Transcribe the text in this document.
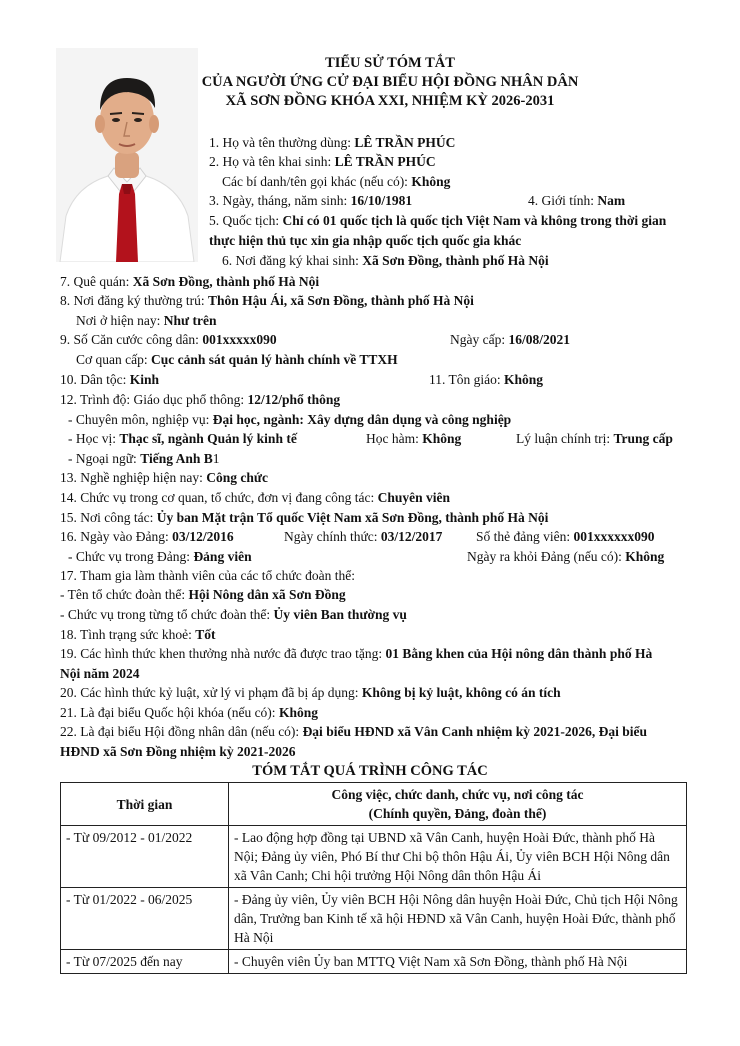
TIỂU SỬ TÓM TẮT
CỦA NGƯỜI ỨNG CỬ ĐẠI BIỂU HỘI ĐỒNG NHÂN DÂN
XÃ SƠN ĐỒNG KHÓA XXI, NHIỆM KỲ 2026-2031
1. Họ và tên thường dùng: LÊ TRẦN PHÚC
2. Họ và tên khai sinh: LÊ TRẦN PHÚC
Các bí danh/tên gọi khác (nếu có): Không
3. Ngày, tháng, năm sinh: 16/10/1981	4. Giới tính: Nam
5. Quốc tịch: Chỉ có 01 quốc tịch là quốc tịch Việt Nam và không trong thời gian
thực hiện thủ tục xin gia nhập quốc tịch quốc gia khác
6. Nơi đăng ký khai sinh: Xã Sơn Đồng, thành phố Hà Nội
7. Quê quán: Xã Sơn Đồng, thành phố Hà Nội
8. Nơi đăng ký thường trú: Thôn Hậu Ái, xã Sơn Đồng, thành phố Hà Nội
Nơi ở hiện nay: Như trên
9. Số Căn cước công dân: 001xxxxx090	Ngày cấp: 16/08/2021
Cơ quan cấp: Cục cảnh sát quản lý hành chính về TTXH
10. Dân tộc: Kinh	11. Tôn giáo: Không
12. Trình độ: Giáo dục phổ thông: 12/12/phổ thông
- Chuyên môn, nghiệp vụ: Đại học, ngành: Xây dựng dân dụng và công nghiệp
- Học vị: Thạc sĩ, ngành Quản lý kinh tế	Học hàm: Không	Lý luận chính trị: Trung cấp
- Ngoại ngữ: Tiếng Anh B1
13. Nghề nghiệp hiện nay: Công chức
14. Chức vụ trong cơ quan, tổ chức, đơn vị đang công tác: Chuyên viên
15. Nơi công tác: Ủy ban Mặt trận Tổ quốc Việt Nam xã Sơn Đồng, thành phố Hà Nội
16. Ngày vào Đảng: 03/12/2016	Ngày chính thức: 03/12/2017 Số thẻ đảng viên: 001xxxxxx090
- Chức vụ trong Đảng: Đảng viên	Ngày ra khỏi Đảng (nếu có): Không
17. Tham gia làm thành viên của các tổ chức đoàn thể:
- Tên tổ chức đoàn thể: Hội Nông dân xã Sơn Đồng
- Chức vụ trong từng tổ chức đoàn thể: Ủy viên Ban thường vụ
18. Tình trạng sức khoẻ: Tốt
19. Các hình thức khen thưởng nhà nước đã được trao tặng: 01 Bằng khen của Hội nông dân thành phố Hà
Nội năm 2024
20. Các hình thức kỷ luật, xử lý vi phạm đã bị áp dụng: Không bị kỷ luật, không có án tích
21. Là đại biểu Quốc hội khóa (nếu có): Không
22. Là đại biểu Hội đồng nhân dân (nếu có): Đại biểu HĐND xã Vân Canh nhiệm kỳ 2021-2026, Đại biểu
HĐND xã Sơn Đồng nhiệm kỳ 2021-2026
TÓM TẮT QUÁ TRÌNH CÔNG TÁC
Thời gian	Công việc, chức danh, chức vụ, nơi công tác
(Chính quyền, Đảng, đoàn thể)

- Từ 09/2012 - 01/2022	- Lao động hợp đồng tại UBND xã Vân Canh, huyện Hoài Đức, thành phố Hà Nội; Đảng ủy viên, Phó Bí thư Chi bộ thôn Hậu Ái, Ủy viên BCH Hội Nông dân xã Vân Canh; Chi hội trưởng Hội Nông dân thôn Hậu Ái
- Từ 01/2022 - 06/2025	- Đảng ủy viên, Ủy viên BCH Hội Nông dân huyện Hoài Đức, Chủ tịch Hội Nông dân, Trưởng ban Kinh tế xã hội HĐND xã Vân Canh, huyện Hoài Đức, thành phố Hà Nội
- Từ 07/2025 đến nay	- Chuyên viên Ủy ban MTTQ Việt Nam xã Sơn Đồng, thành phố Hà Nội
